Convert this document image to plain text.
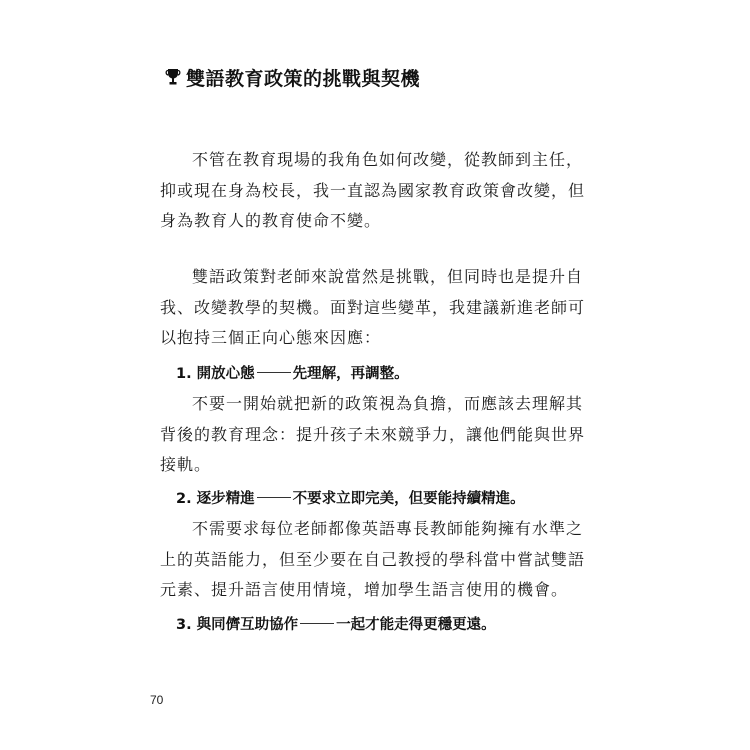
雙語教育政策的挑戰與契機

不管在教育現場的我角色如何改變，從教師到主任，
抑或現在身為校長，我一直認為國家教育政策會改變，但
身為教育人的教育使命不變。

雙語政策對老師來說當然是挑戰，但同時也是提升自
我、改變教學的契機。面對這些變革，我建議新進老師可
以抱持三個正向心態來因應：

1. 開放心態	先理解，再調整。

不要一開始就把新的政策視為負擔，而應該去理解其
背後的教育理念：提升孩子未來競爭力，讓他們能與世界
接軌。

2. 逐步精進	不要求立即完美，但要能持續精進。

不需要求每位老師都像英語專長教師能夠擁有水準之
上的英語能力，但至少要在自己教授的學科當中嘗試雙語
元素、提升語言使用情境，增加學生語言使用的機會。

3. 與同儕互助協作	一起才能走得更穩更遠。
70
